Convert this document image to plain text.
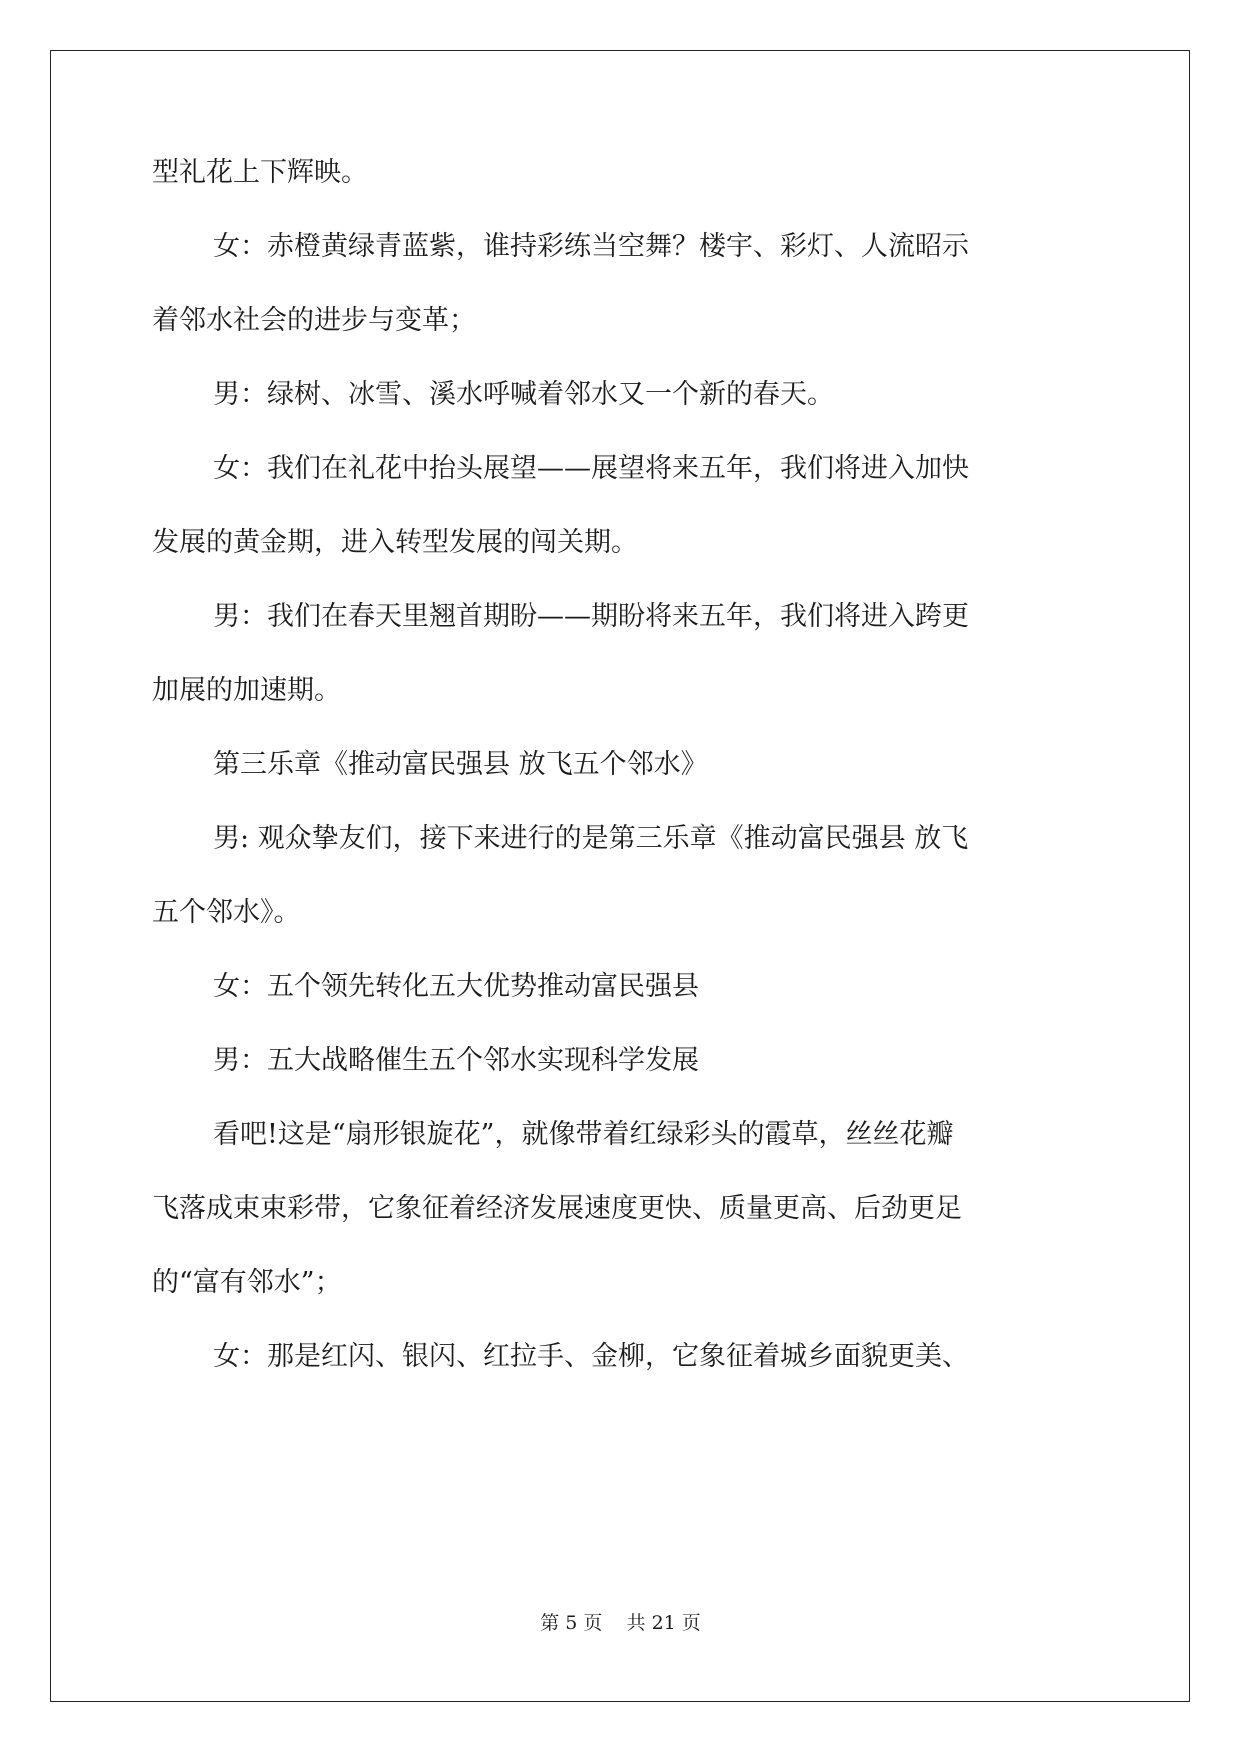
型礼花上下辉映。
女：赤橙黄绿青蓝紫，谁持彩练当空舞？楼宇、彩灯、人流昭示
着邻水社会的进步与变革；
男：绿树、冰雪、溪水呼喊着邻水又一个新的春天。
女：我们在礼花中抬头展望——展望将来五年，我们将进入加快
发展的黄金期，进入转型发展的闯关期。
男：我们在春天里翘首期盼——期盼将来五年，我们将进入跨更
加展的加速期。
第三乐章《推动富民强县 放飞五个邻水》
男: 观众挚友们，接下来进行的是第三乐章《推动富民强县 放飞
五个邻水》。
女：五个领先转化五大优势推动富民强县
男：五大战略催生五个邻水实现科学发展
看吧!这是“扇形银旋花”，就像带着红绿彩头的霞草，丝丝花瓣
飞落成束束彩带，它象征着经济发展速度更快、质量更高、后劲更足
的“富有邻水”；
女：那是红闪、银闪、红拉手、金柳，它象征着城乡面貌更美、
第 5 页    共 21 页
